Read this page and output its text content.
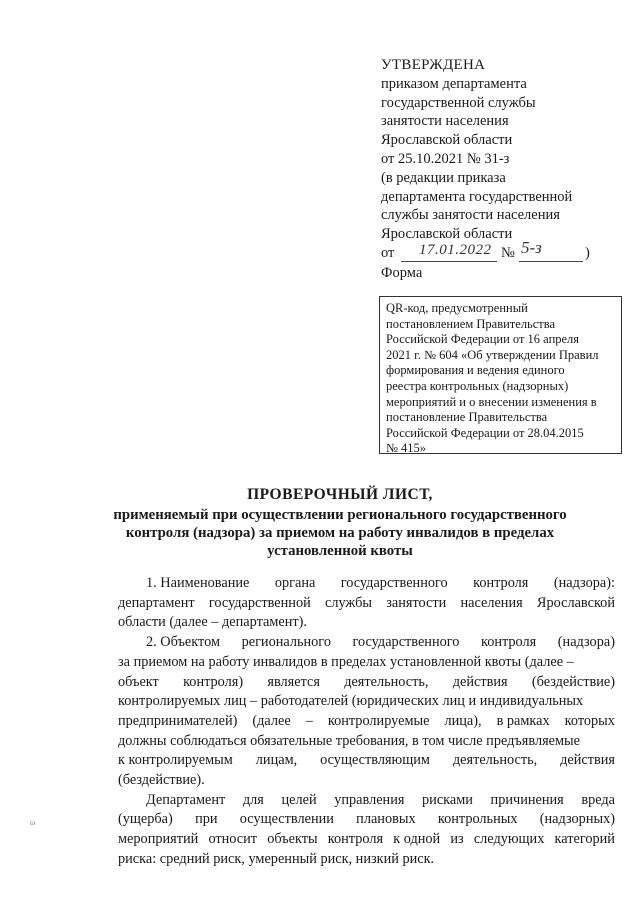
УТВЕРЖДЕНА
приказом департамента
государственной службы
занятости населения
Ярославской области
от 25.10.2021 № 31-з
(в редакции приказа
департамента государственной
службы занятости населения
Ярославской области
от 17.01.2022 № 5-з	)
Форма
QR-код, предусмотренный
постановлением Правительства
Российской Федерации от 16 апреля
2021 г. № 604 «Об утверждении Правил
формирования и ведения единого
реестра контрольных (надзорных)
мероприятий и о внесении изменения в
постановление Правительства
Российской Федерации от 28.04.2015
№ 415»
ПРОВЕРОЧНЫЙ ЛИСТ,
применяемый при осуществлении регионального государственного
контроля (надзора) за приемом на работу инвалидов в пределах
установленной квоты
1. Наименование органа государственного контроля (надзора):
департамент государственной службы занятости населения Ярославской
области (далее – департамент).
2. Объектом регионального государственного контроля (надзора)
за приемом на работу инвалидов в пределах установленной квоты (далее –
объект контроля) является деятельность, действия (бездействие)
контролируемых лиц – работодателей (юридических лиц и индивидуальных
предпринимателей) (далее – контролируемые лица), в рамках которых
должны соблюдаться обязательные требования, в том числе предъявляемые
к контролируемым лицам, осуществляющим деятельность, действия
(бездействие).
Департамент для целей управления рисками причинения вреда
(ущерба) при осуществлении плановых контрольных (надзорных)
мероприятий относит объекты контроля к одной из следующих категорий
риска: средний риск, умеренный риск, низкий риск.
ω
